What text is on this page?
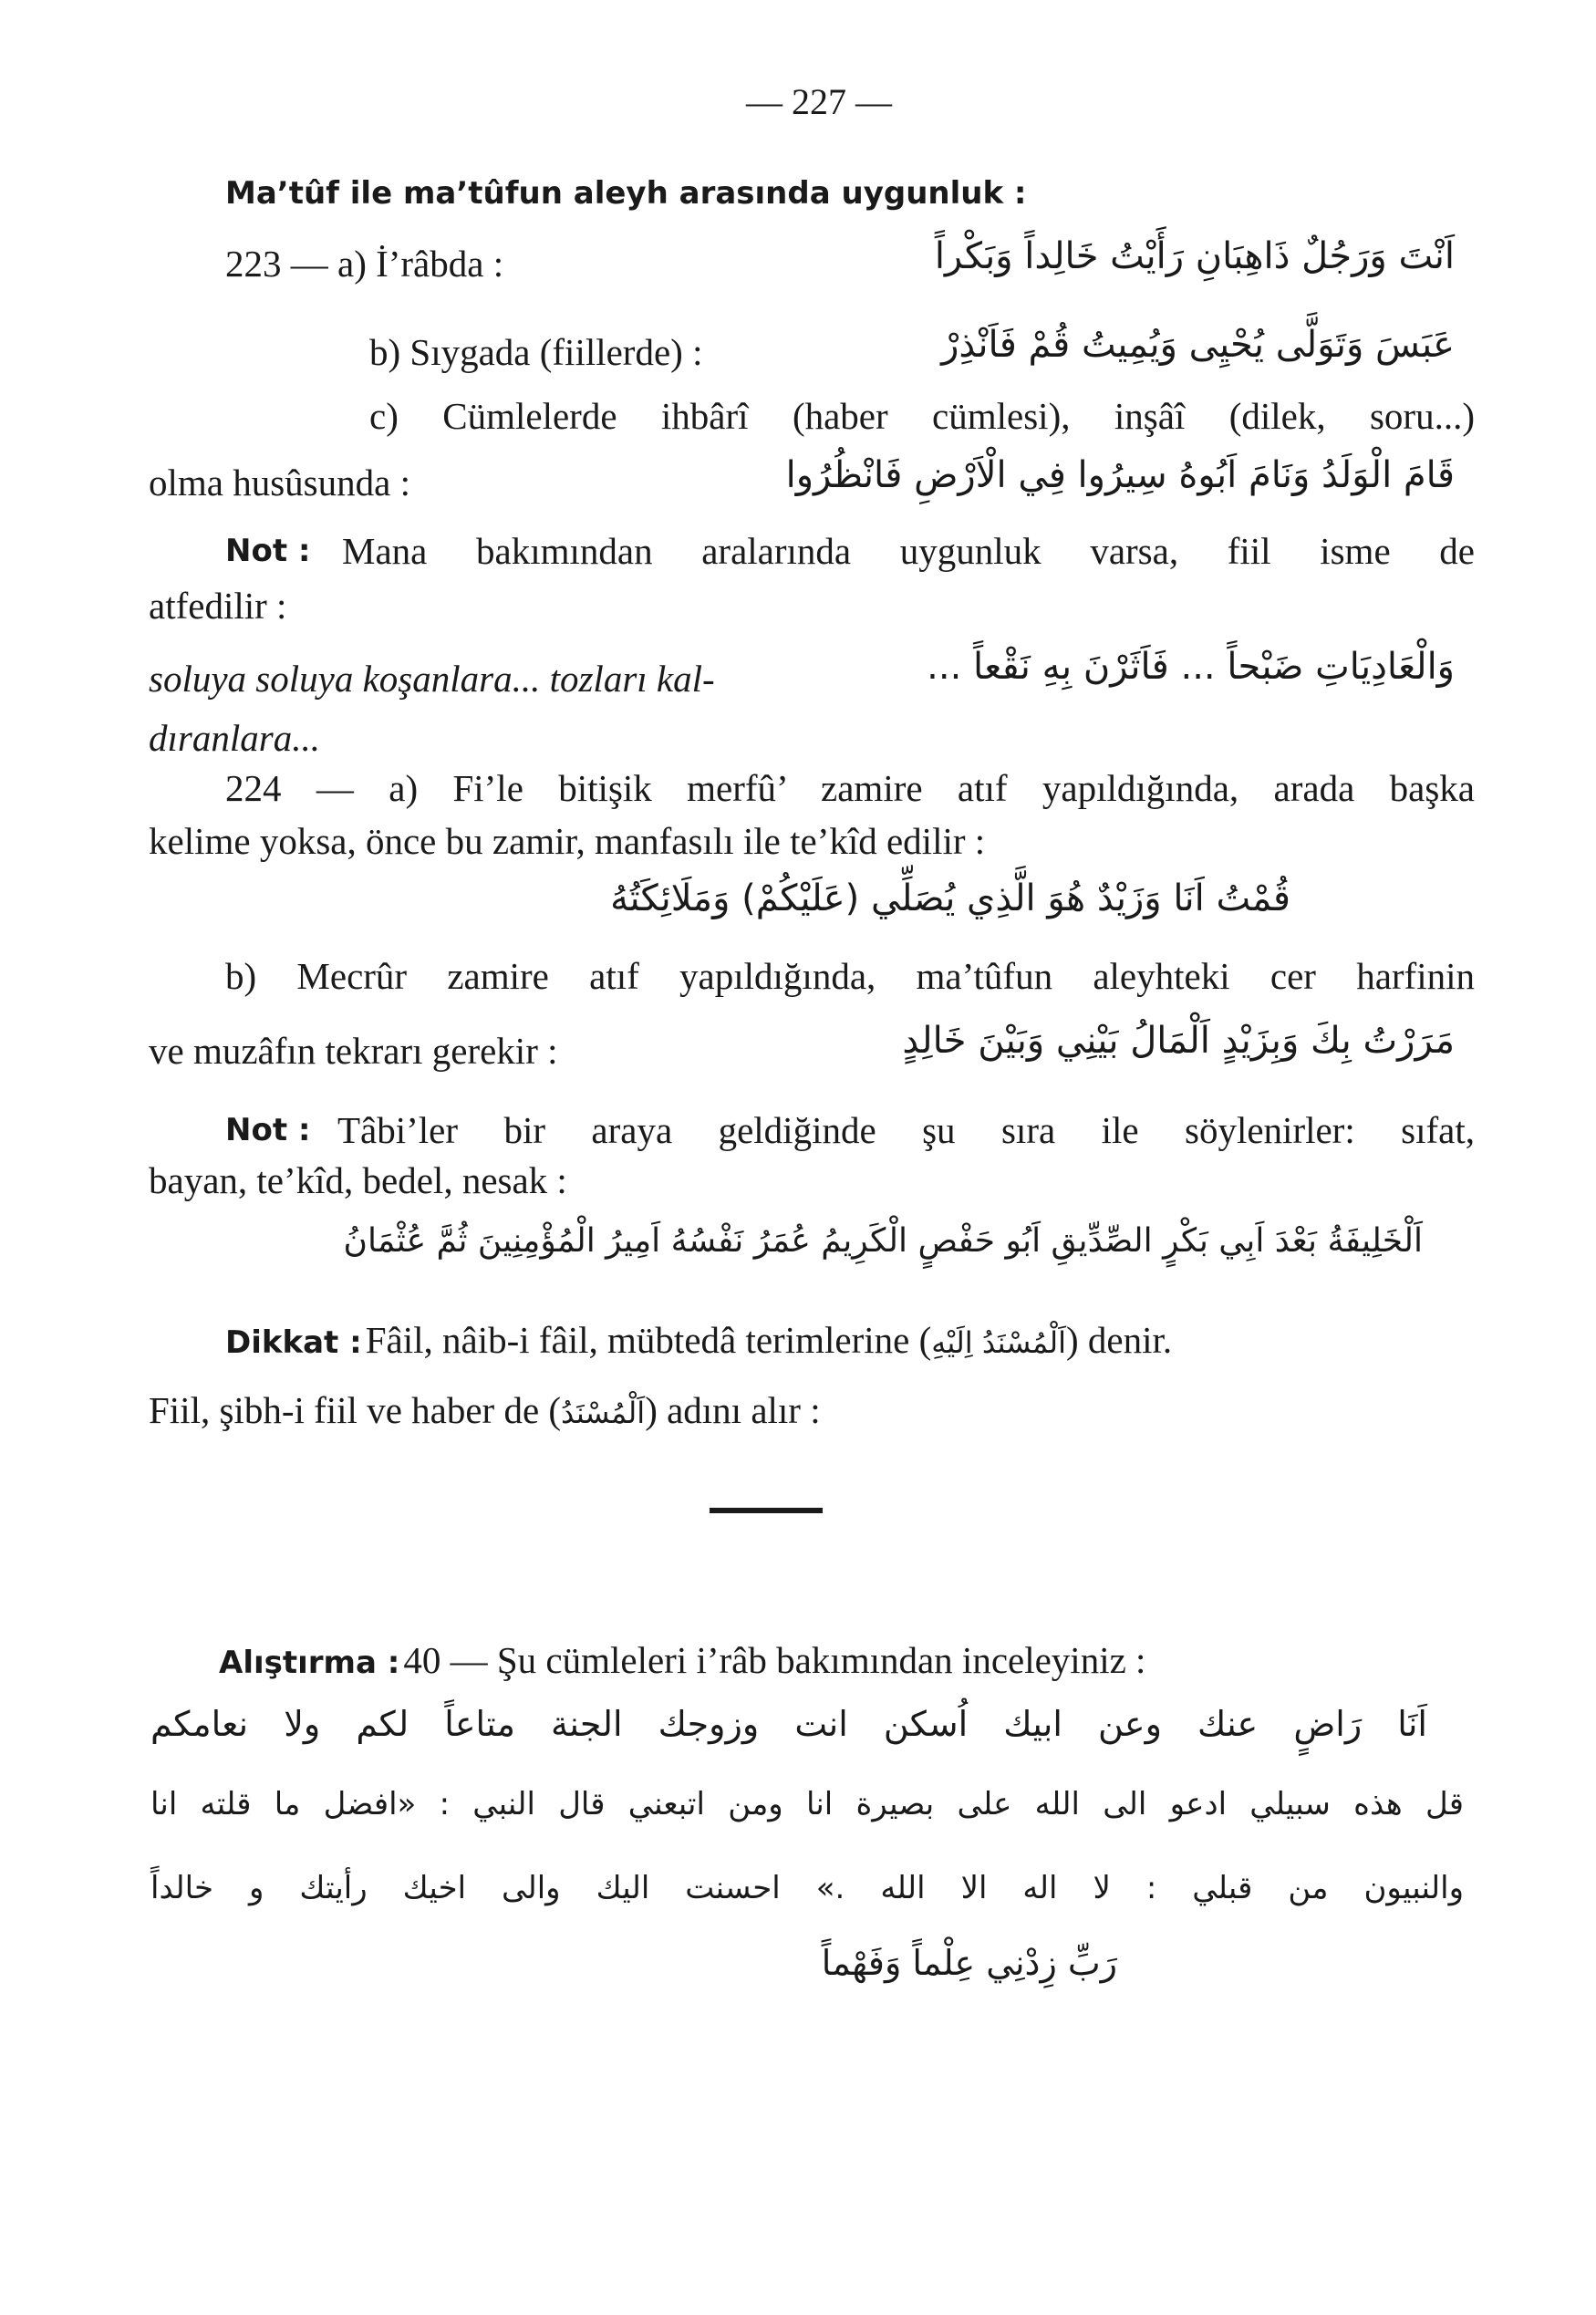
— 227 —
Ma’tûf ile ma’tûfun aleyh arasında uygunluk :
223 — a) İ’râbda :	اَنْتَ وَرَجُلٌ ذَاهِبَانِ رَأَيْتُ خَالِداً وَبَكْراً
b) Sıygada (fiillerde) :	عَبَسَ وَتَوَلَّى يُحْيِى وَيُمِيتُ قُمْ فَاَنْذِرْ
c) Cümlelerde ihbârî (haber cümlesi), inşâî (dilek, soru...)
olma husûsunda :	قَامَ الْوَلَدُ وَنَامَ اَبُوهُ سِيرُوا فِي الْاَرْضِ فَانْظُرُوا
Not : Mana bakımından aralarında uygunluk varsa, fiil isme de
atfedilir :
soluya soluya koşanlara... tozları kal-
dıranlara...
وَالْعَادِيَاتِ ضَبْحاً ... فَاَثَرْنَ بِهِ نَقْعاً ...
224 — a) Fi’le bitişik merfû’ zamire atıf yapıldığında, arada başka
kelime yoksa, önce bu zamir, manfasılı ile te’kîd edilir :
قُمْتُ اَنَا وَزَيْدٌ هُوَ الَّذِي يُصَلِّي (عَلَيْكُمْ) وَمَلَائِكَتُهُ
b) Mecrûr zamire atıf yapıldığında, ma’tûfun aleyhteki cer harfinin
ve muzâfın tekrarı gerekir :	مَرَرْتُ بِكَ وَبِزَيْدٍ اَلْمَالُ بَيْنِي وَبَيْنَ خَالِدٍ
Not : Tâbi’ler bir araya geldiğinde şu sıra ile söylenirler: sıfat,
bayan, te’kîd, bedel, nesak :
اَلْخَلِيفَةُ بَعْدَ اَبِي بَكْرٍ الصِّدِّيقِ اَبُو حَفْصٍ الْكَرِيمُ عُمَرُ نَفْسُهُ اَمِيرُ الْمُؤْمِنِينَ ثُمَّ عُثْمَانُ
Dikkat : Fâil, nâib-i fâil, mübtedâ terimlerine (اَلْمُسْنَدُ اِلَيْهِ) denir.
Fiil, şibh-i fiil ve haber de (اَلْمُسْنَدُ) adını alır :
Alıştırma : 40 — Şu cümleleri i’râb bakımından inceleyiniz :
اَنَا رَاضٍ عنك وعن ابيك اُسكن انت وزوجك الجنة متاعاً لكم ولا نعامكم
قل هذه سبيلي ادعو الى الله على بصيرة انا ومن اتبعني قال النبي : «افضل ما قلته انا
والنبيون من قبلي : لا اله الا الله .» احسنت اليك والى اخيك رأيتك و خالداً
رَبِّ زِدْنِي عِلْماً وَفَهْماً
